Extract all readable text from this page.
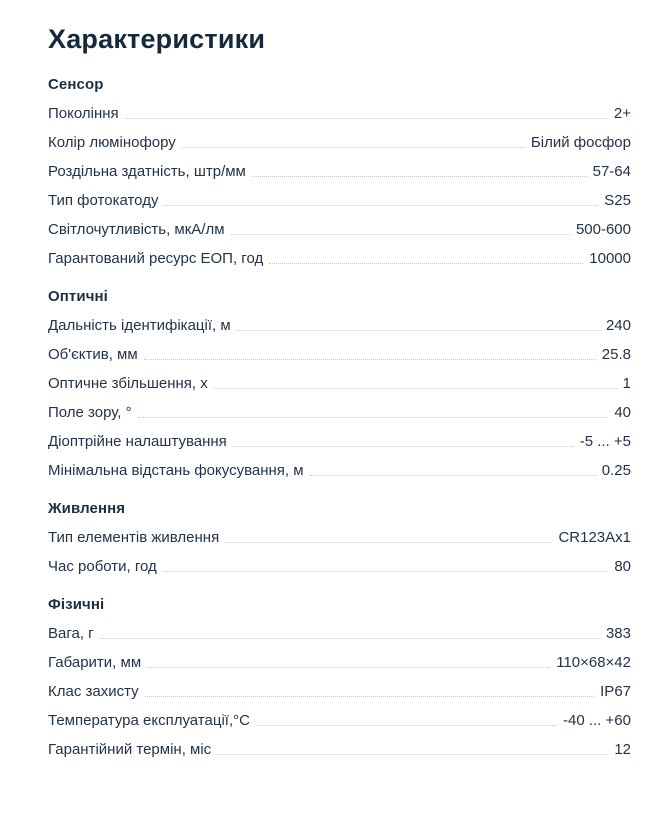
Характеристики
Сенсор
Покоління	2+
Колір люмінофору	Білий фосфор
Роздільна здатність, штр/мм	57-64
Тип фотокатоду	S25
Світлочутливість, мкА/лм	500-600
Гарантований ресурс ЕОП, год	10000
Оптичні
Дальність ідентифікації, м	240
Об'єктив, мм	25.8
Оптичне збільшення, х	1
Поле зору, °	40
Діоптрійне налаштування	-5 ... +5
Мінімальна відстань фокусування, м	0.25
Живлення
Тип елементів живлення	CR123Ax1
Час роботи, год	80
Фізичні
Вага, г	383
Габарити, мм	110×68×42
Клас захисту	IP67
Температура експлуатації,°С	-40 ... +60
Гарантійний термін, міс	12
